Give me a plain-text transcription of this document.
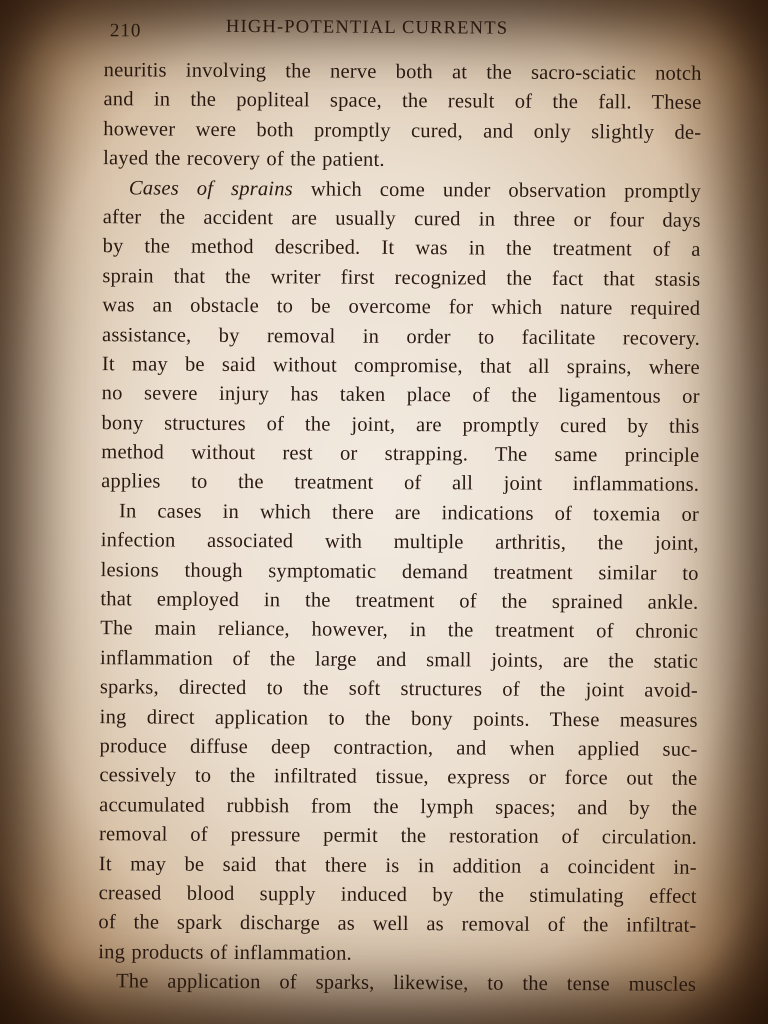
210	HIGH-POTENTIAL CURRENTS
neuritis involving the nerve both at the sacro-sciatic notch
and in the popliteal space, the result of the fall. These
however were both promptly cured, and only slightly de-
layed the recovery of the patient.
Cases of sprains which come under observation promptly
after the accident are usually cured in three or four days
by the method described. It was in the treatment of a
sprain that the writer first recognized the fact that stasis
was an obstacle to be overcome for which nature required
assistance, by removal in order to facilitate recovery.
It may be said without compromise, that all sprains, where
no severe injury has taken place of the ligamentous or
bony structures of the joint, are promptly cured by this
method without rest or strapping. The same principle
applies to the treatment of all joint inflammations.
In cases in which there are indications of toxemia or
infection associated with multiple arthritis, the joint,
lesions though symptomatic demand treatment similar to
that employed in the treatment of the sprained ankle.
The main reliance, however, in the treatment of chronic
inflammation of the large and small joints, are the static
sparks, directed to the soft structures of the joint avoid-
ing direct application to the bony points. These measures
produce diffuse deep contraction, and when applied suc-
cessively to the infiltrated tissue, express or force out the
accumulated rubbish from the lymph spaces; and by the
removal of pressure permit the restoration of circulation.
It may be said that there is in addition a coincident in-
creased blood supply induced by the stimulating effect
of the spark discharge as well as removal of the infiltrat-
ing products of inflammation.
The application of sparks, likewise, to the tense muscles
